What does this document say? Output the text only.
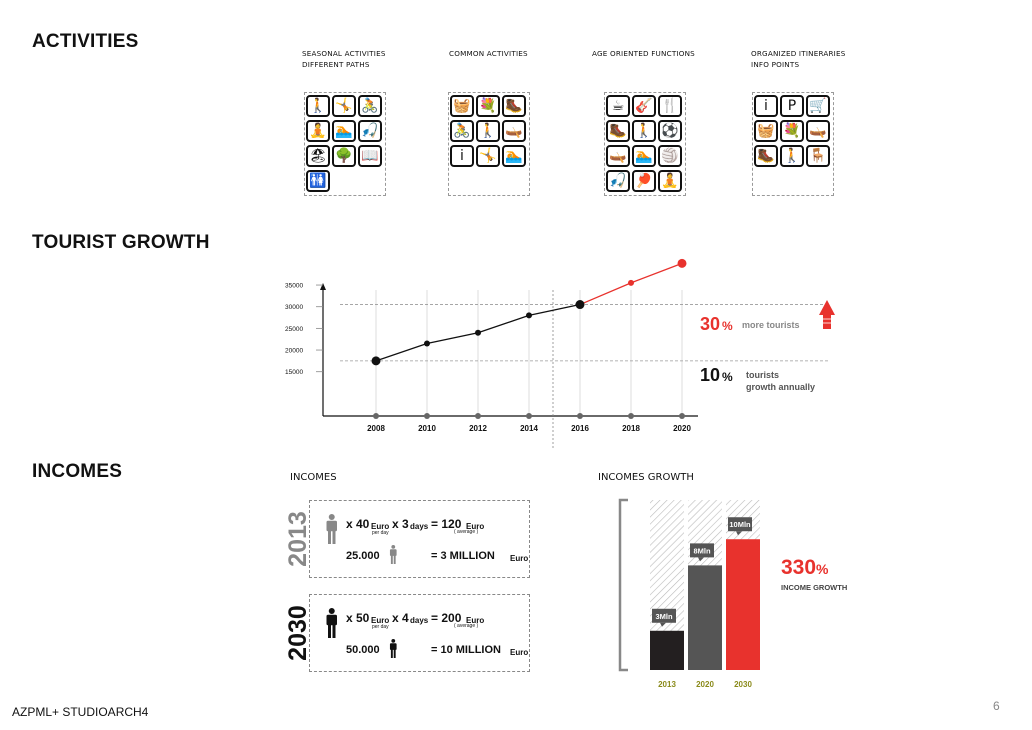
ACTIVITIES
TOURIST GROWTH
INCOMES
SEASONAL ACTIVITIES
DIFFERENT PATHS
🚶 🤸 🚴
🧘 🏊 🎣
🏖 🌳 📖
🚻
COMMON ACTIVITIES
🧺 💐 🥾
🚴 🚶 🛶
i	🤸 🏊
AGE ORIENTED FUNCTIONS
☕ 🎸 🍴
🥾 🚶 ⚽
🛶 🏊 🏐
🎣 🏓 🧘
ORGANIZED ITINERARIES
INFO POINTS
i	P 🛒
🧺 💐 🛶
🥾 🚶 🪑
2008	2010	2012	2014	2016	2018	2020
15000
20000
25000
30000
35000
30 % more tourists
10 % tourists
growth annually
INCOMES
2013	x 40 Euro
per day
x 3 days = 120 Euro
( average )
25.000	= 3 MILLION Euro
2030	x 50 Euro
per day
x 4 days = 200 Euro
( average )
50.000	= 10 MILLION Euro
INCOMES GROWTH
3Mln
2013
8Mln
2020
10Mln
2030
330%
INCOME GROWTH
AZPML+ STUDIOARCH4	6
